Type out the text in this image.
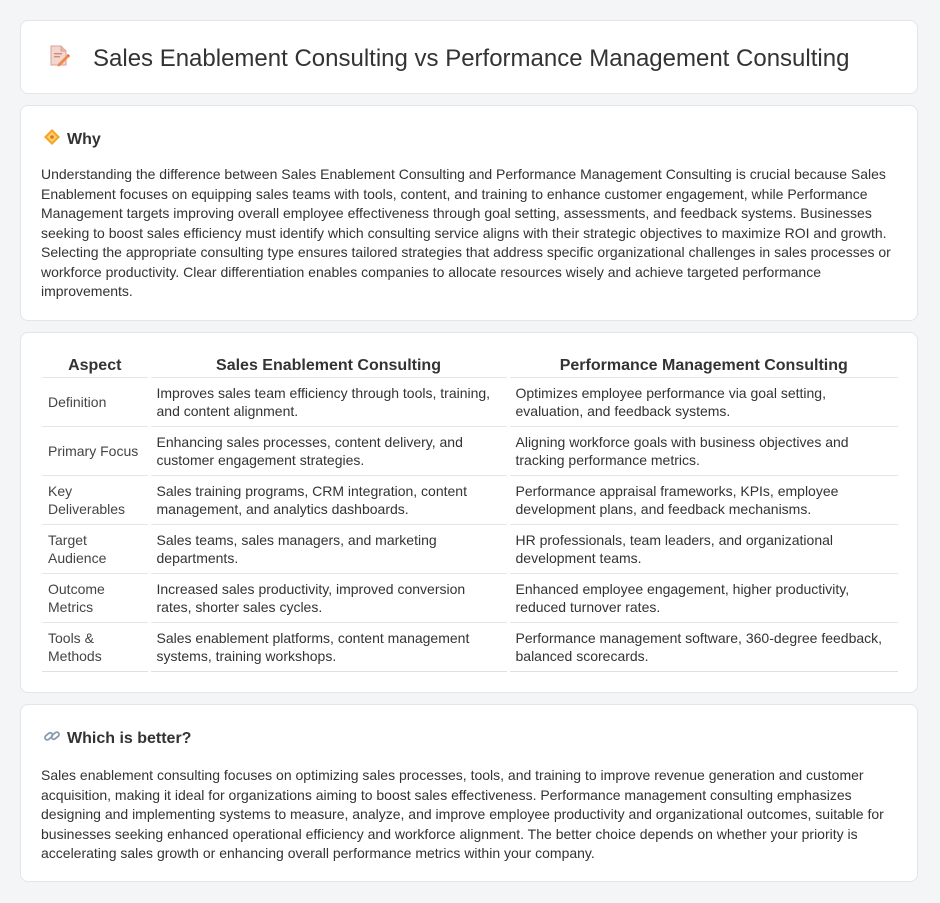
Sales Enablement Consulting vs Performance Management Consulting
Why

Understanding the difference between Sales Enablement Consulting and Performance Management Consulting is crucial because Sales Enablement focuses on equipping sales teams with tools, content, and training to enhance customer engagement, while Performance Management targets improving overall employee effectiveness through goal setting, assessments, and feedback systems. Businesses seeking to boost sales efficiency must identify which consulting service aligns with their strategic objectives to maximize ROI and growth. Selecting the appropriate consulting type ensures tailored strategies that address specific organizational challenges in sales processes or workforce productivity. Clear differentiation enables companies to allocate resources wisely and achieve targeted performance improvements.

Aspect	Sales Enablement Consulting	Performance Management Consulting
Definition	Improves sales team efficiency through tools, training, and content alignment.	Optimizes employee performance via goal setting, evaluation, and feedback systems.
Primary Focus	Enhancing sales processes, content delivery, and customer engagement strategies.	Aligning workforce goals with business objectives and tracking performance metrics.
Key Deliverables	Sales training programs, CRM integration, content management, and analytics dashboards.	Performance appraisal frameworks, KPIs, employee development plans, and feedback mechanisms.
Target Audience	Sales teams, sales managers, and marketing departments.	HR professionals, team leaders, and organizational development teams.
Outcome Metrics	Increased sales productivity, improved conversion rates, shorter sales cycles.	Enhanced employee engagement, higher productivity, reduced turnover rates.
Tools & Methods	Sales enablement platforms, content management systems, training workshops.	Performance management software, 360-degree feedback, balanced scorecards.
Which is better?

Sales enablement consulting focuses on optimizing sales processes, tools, and training to improve revenue generation and customer acquisition, making it ideal for organizations aiming to boost sales effectiveness. Performance management consulting emphasizes designing and implementing systems to measure, analyze, and improve employee productivity and organizational outcomes, suitable for businesses seeking enhanced operational efficiency and workforce alignment. The better choice depends on whether your priority is accelerating sales growth or enhancing overall performance metrics within your company.
